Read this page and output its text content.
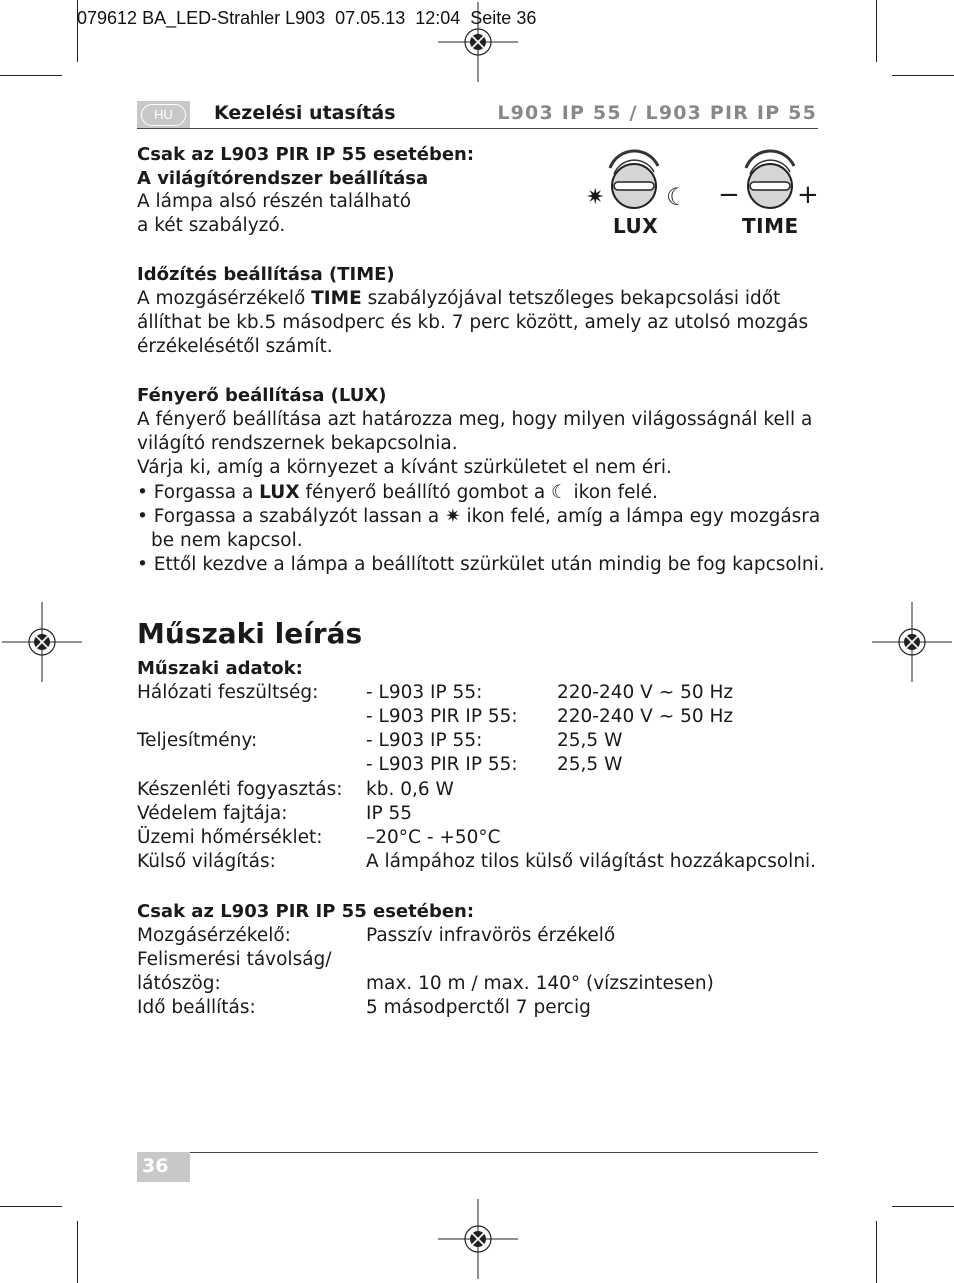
079612 BA_LED-Strahler L903  07.05.13  12:04  Seite 36
HU	Kezelési utasítás	L903 IP 55 / L903 PIR IP 55
Csak az L903 PIR IP 55 esetében:
A világítórendszer beállítása
A lámpa alsó részén található
a két szabályzó.
✷	☾
LUX
− +
TIME
Időzítés beállítása (TIME)
A mozgásérzékelő TIME szabályzójával tetszőleges bekapcsolási időt
állíthat be kb.5 másodperc és kb. 7 perc között, amely az utolsó mozgás
érzékelésétől számít.
Fényerő beállítása (LUX)
A fényerő beállítása azt határozza meg, hogy milyen világosságnál kell a
világító rendszernek bekapcsolnia.
Várja ki, amíg a környezet a kívánt szürkületet el nem éri.
• Forgassa a LUX fényerő beállító gombot a ☾ ikon felé.
• Forgassa a szabályzót lassan a ✷ ikon felé, amíg a lámpa egy mozgásra
be nem kapcsol.
• Ettől kezdve a lámpa a beállított szürkület után mindig be fog kapcsolni.
Műszaki leírás
Műszaki adatok:
Hálózati feszültség:	- L903 IP 55:	220-240 V ~ 50 Hz
- L903 PIR IP 55: 220-240 V ~ 50 Hz
Teljesítmény:	- L903 IP 55:	25,5 W
- L903 PIR IP 55: 25,5 W
Készenléti fogyasztás: kb. 0,6 W
Védelem fajtája:	IP 55
Üzemi hőmérséklet: –20°C - +50°C
Külső világítás:	A lámpához tilos külső világítást hozzákapcsolni.
Csak az L903 PIR IP 55 esetében:
Mozgásérzékelő:	Passzív infravörös érzékelő
Felismerési távolság/
látószög:	max. 10 m / max. 140° (vízszintesen)
Idő beállítás:	5 másodperctől 7 percig
36
